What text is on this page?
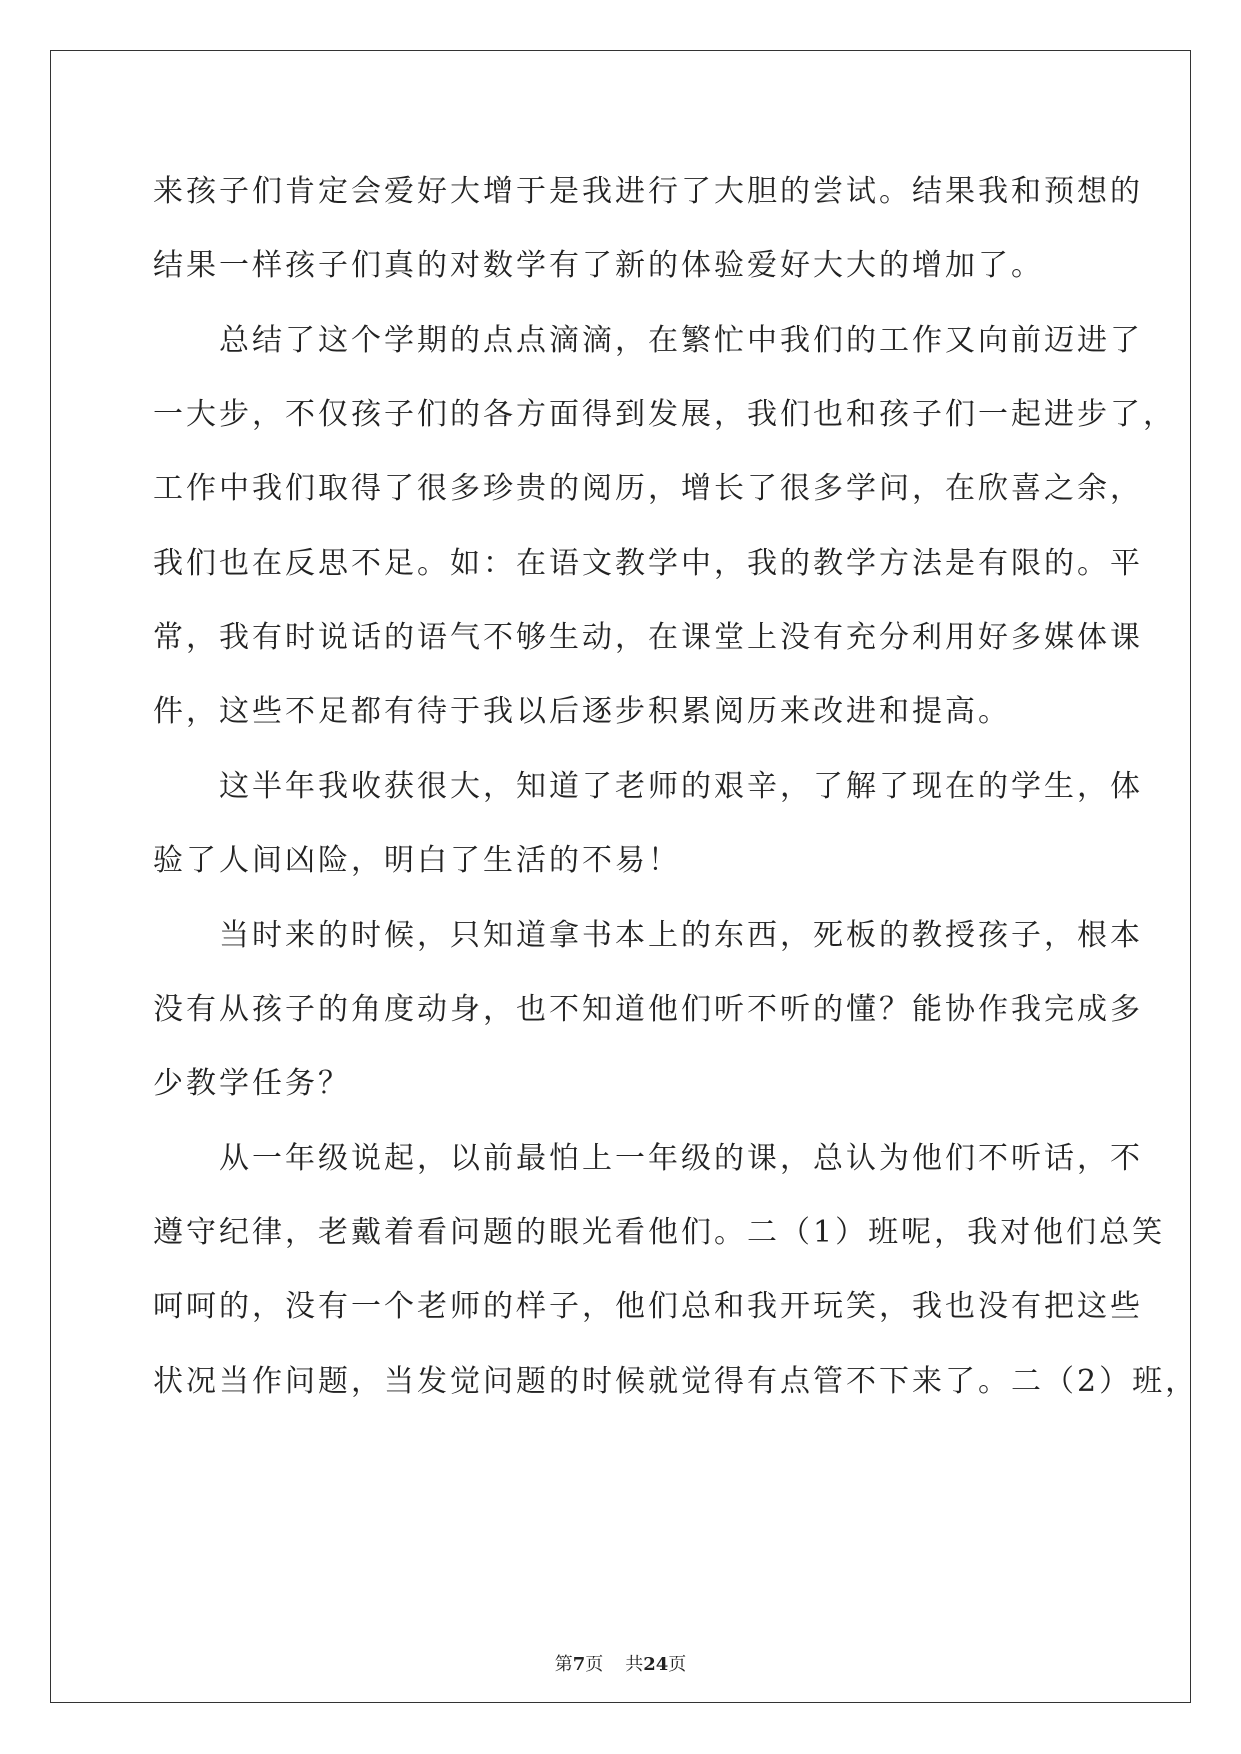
来孩子们肯定会爱好大增于是我进行了大胆的尝试。结果我和预想的
结果一样孩子们真的对数学有了新的体验爱好大大的增加了。
　　总结了这个学期的点点滴滴，在繁忙中我们的工作又向前迈进了
一大步，不仅孩子们的各方面得到发展，我们也和孩子们一起进步了，
工作中我们取得了很多珍贵的阅历，增长了很多学问，在欣喜之余，
我们也在反思不足。如：在语文教学中，我的教学方法是有限的。平
常，我有时说话的语气不够生动，在课堂上没有充分利用好多媒体课
件，这些不足都有待于我以后逐步积累阅历来改进和提高。
　　这半年我收获很大，知道了老师的艰辛，了解了现在的学生，体
验了人间凶险，明白了生活的不易！
　　当时来的时候，只知道拿书本上的东西，死板的教授孩子，根本
没有从孩子的角度动身，也不知道他们听不听的懂？能协作我完成多
少教学任务？
　　从一年级说起，以前最怕上一年级的课，总认为他们不听话，不
遵守纪律，老戴着看问题的眼光看他们。二（1）班呢，我对他们总笑
呵呵的，没有一个老师的样子，他们总和我开玩笑，我也没有把这些
状况当作问题，当发觉问题的时候就觉得有点管不下来了。二（2）班，
第7页 共24页
